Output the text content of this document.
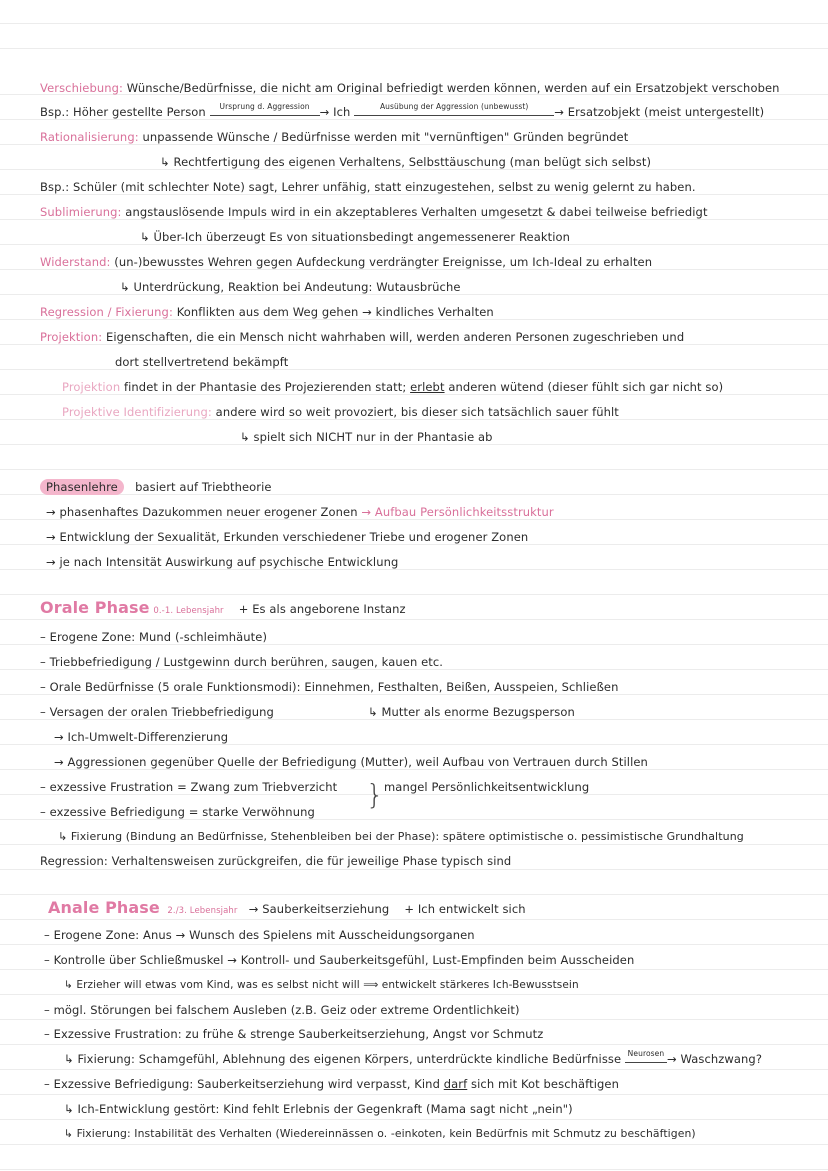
Verschiebung: Wünsche/Bedürfnisse, die nicht am Original befriedigt werden können, werden auf ein Ersatzobjekt verschoben
Bsp.: Höher gestellte Person Ursprung d. Aggression → Ich	Ausübung der Aggression (unbewusst) → Ersatzobjekt (meist untergestellt)
Rationalisierung: unpassende Wünsche / Bedürfnisse werden mit "vernünftigen" Gründen begründet
↳ Rechtfertigung des eigenen Verhaltens, Selbsttäuschung (man belügt sich selbst)
Bsp.: Schüler (mit schlechter Note) sagt, Lehrer unfähig, statt einzugestehen, selbst zu wenig gelernt zu haben.
Sublimierung: angstauslösende Impuls wird in ein akzeptableres Verhalten umgesetzt & dabei teilweise befriedigt
↳ Über-Ich überzeugt Es von situationsbedingt angemessenerer Reaktion
Widerstand: (un-)bewusstes Wehren gegen Aufdeckung verdrängter Ereignisse, um Ich-Ideal zu erhalten
↳ Unterdrückung, Reaktion bei Andeutung: Wutausbrüche
Regression / Fixierung: Konflikten aus dem Weg gehen → kindliches Verhalten
Projektion: Eigenschaften, die ein Mensch nicht wahrhaben will, werden anderen Personen zugeschrieben und
dort stellvertretend bekämpft
Projektion findet in der Phantasie des Projezierenden statt; erlebt anderen wütend (dieser fühlt sich gar nicht so)
Projektive Identifizierung: andere wird so weit provoziert, bis dieser sich tatsächlich sauer fühlt
↳ spielt sich NICHT nur in der Phantasie ab
Phasenlehre basiert auf Triebtheorie
→ phasenhaftes Dazukommen neuer erogener Zonen → Aufbau Persönlichkeitsstruktur
→ Entwicklung der Sexualität, Erkunden verschiedener Triebe und erogener Zonen
→ je nach Intensität Auswirkung auf psychische Entwicklung
Orale Phase 0.-1. Lebensjahr + Es als angeborene Instanz
– Erogene Zone: Mund (-schleimhäute)
– Triebbefriedigung / Lustgewinn durch berühren, saugen, kauen etc.
– Orale Bedürfnisse (5 orale Funktionsmodi): Einnehmen, Festhalten, Beißen, Ausspeien, Schließen
– Versagen der oralen Triebbefriedigung	↳ Mutter als enorme Bezugsperson
→ Ich-Umwelt-Differenzierung
→ Aggressionen gegenüber Quelle der Befriedigung (Mutter), weil Aufbau von Vertrauen durch Stillen
– exzessive Frustration = Zwang zum Triebverzicht
– exzessive Befriedigung = starke Verwöhnung
} mangel Persönlichkeitsentwicklung
↳ Fixierung (Bindung an Bedürfnisse, Stehenbleiben bei der Phase): spätere optimistische o. pessimistische Grundhaltung
Regression: Verhaltensweisen zurückgreifen, die für jeweilige Phase typisch sind
Anale Phase 2./3. Lebensjahr → Sauberkeitserziehung + Ich entwickelt sich
– Erogene Zone: Anus → Wunsch des Spielens mit Ausscheidungsorganen
– Kontrolle über Schließmuskel → Kontroll- und Sauberkeitsgefühl, Lust-Empfinden beim Ausscheiden
↳ Erzieher will etwas vom Kind, was es selbst nicht will ⟹ entwickelt stärkeres Ich-Bewusstsein
– mögl. Störungen bei falschem Ausleben (z.B. Geiz oder extreme Ordentlichkeit)
– Exzessive Frustration: zu frühe & strenge Sauberkeitserziehung, Angst vor Schmutz
↳ Fixierung: Schamgefühl, Ablehnung des eigenen Körpers, unterdrückte kindliche Bedürfnisse Neurosen → Waschzwang?
– Exzessive Befriedigung: Sauberkeitserziehung wird verpasst, Kind darf sich mit Kot beschäftigen
↳ Ich-Entwicklung gestört: Kind fehlt Erlebnis der Gegenkraft (Mama sagt nicht „nein")
↳ Fixierung: Instabilität des Verhalten (Wiedereinnässen o. -einkoten, kein Bedürfnis mit Schmutz zu beschäftigen)
